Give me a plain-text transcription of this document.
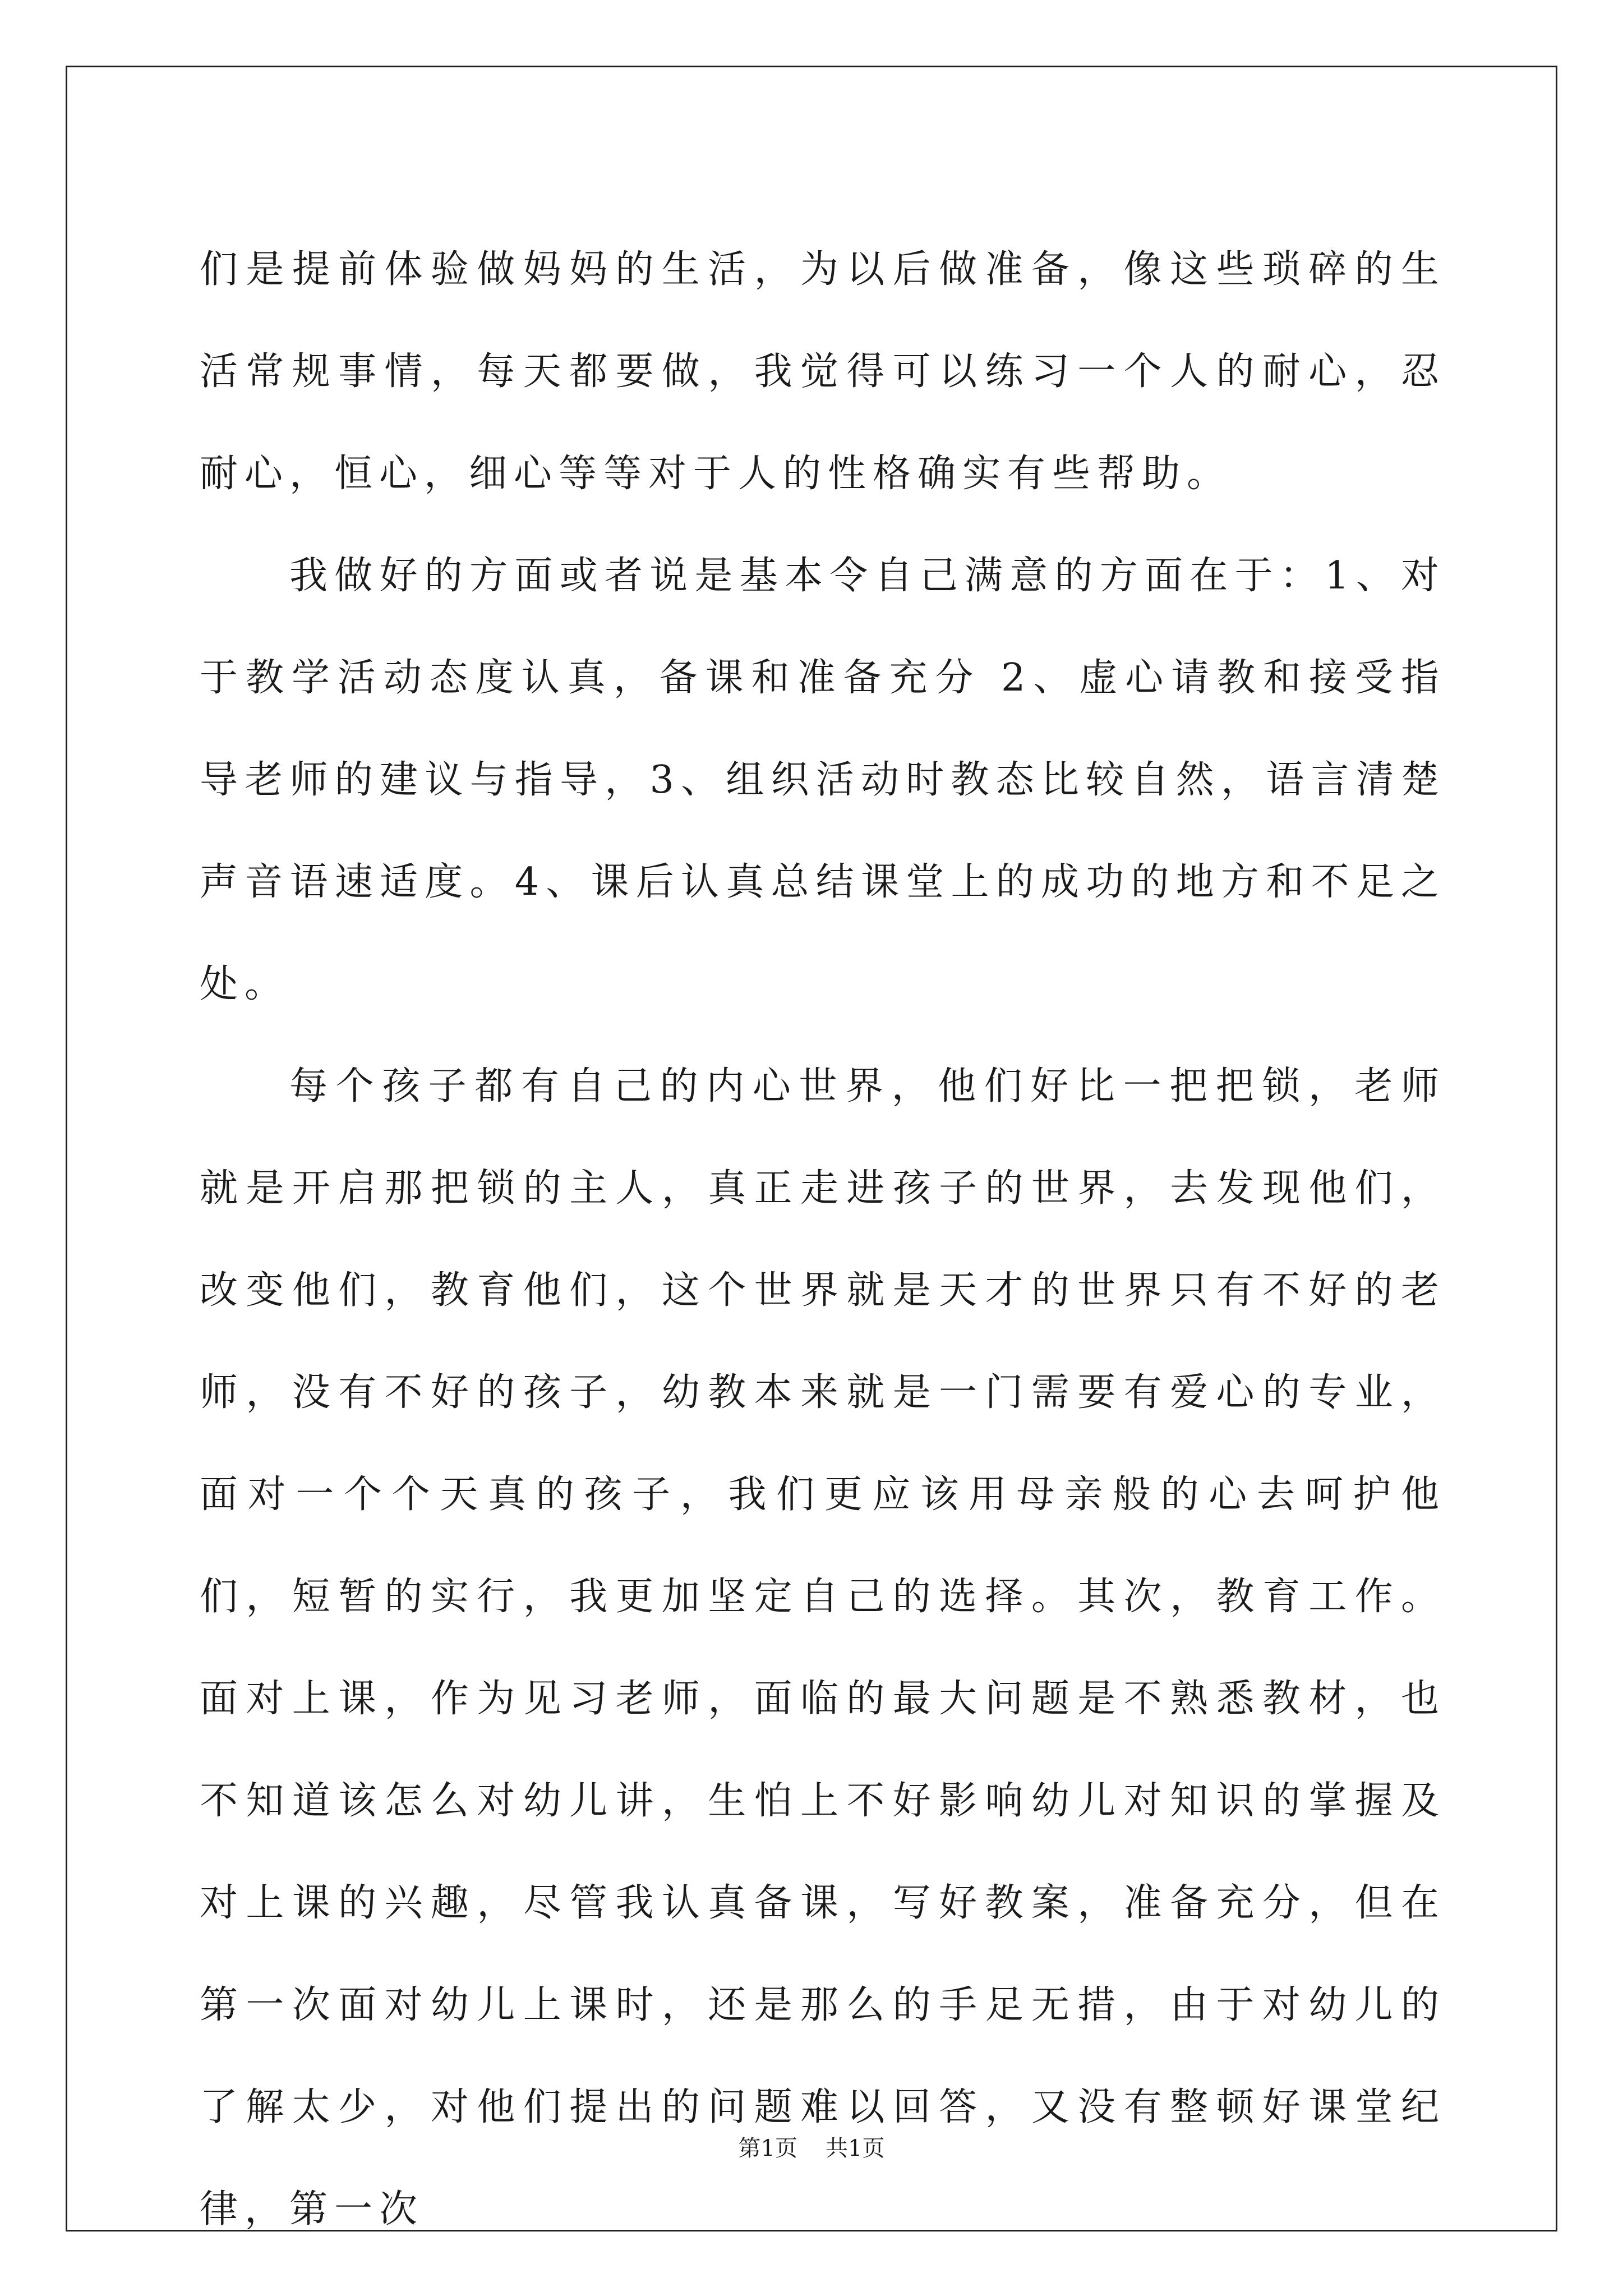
们是提前体验做妈妈的生活，为以后做准备，像这些琐碎的生活常规事情，每天都要做，我觉得可以练习一个人的耐心，忍耐心，恒心，细心等等对于人的性格确实有些帮助。

我做好的方面或者说是基本令自己满意的方面在于：1、对于教学活动态度认真，备课和准备充分 2、虚心请教和接受指导老师的建议与指导，3、组织活动时教态比较自然，语言清楚声音语速适度。4、课后认真总结课堂上的成功的地方和不足之处。

每个孩子都有自己的内心世界，他们好比一把把锁，老师就是开启那把锁的主人，真正走进孩子的世界，去发现他们，改变他们，教育他们，这个世界就是天才的世界只有不好的老师，没有不好的孩子，幼教本来就是一门需要有爱心的专业，面对一个个天真的孩子，我们更应该用母亲般的心去呵护他们，短暂的实行，我更加坚定自己的选择。其次，教育工作。面对上课，作为见习老师，面临的最大问题是不熟悉教材，也不知道该怎么对幼儿讲，生怕上不好影响幼儿对知识的掌握及对上课的兴趣，尽管我认真备课，写好教案，准备充分，但在第一次面对幼儿上课时，还是那么的手足无措，由于对幼儿的了解太少，对他们提出的问题难以回答，又没有整顿好课堂纪律，第一次

第1页 共1页
